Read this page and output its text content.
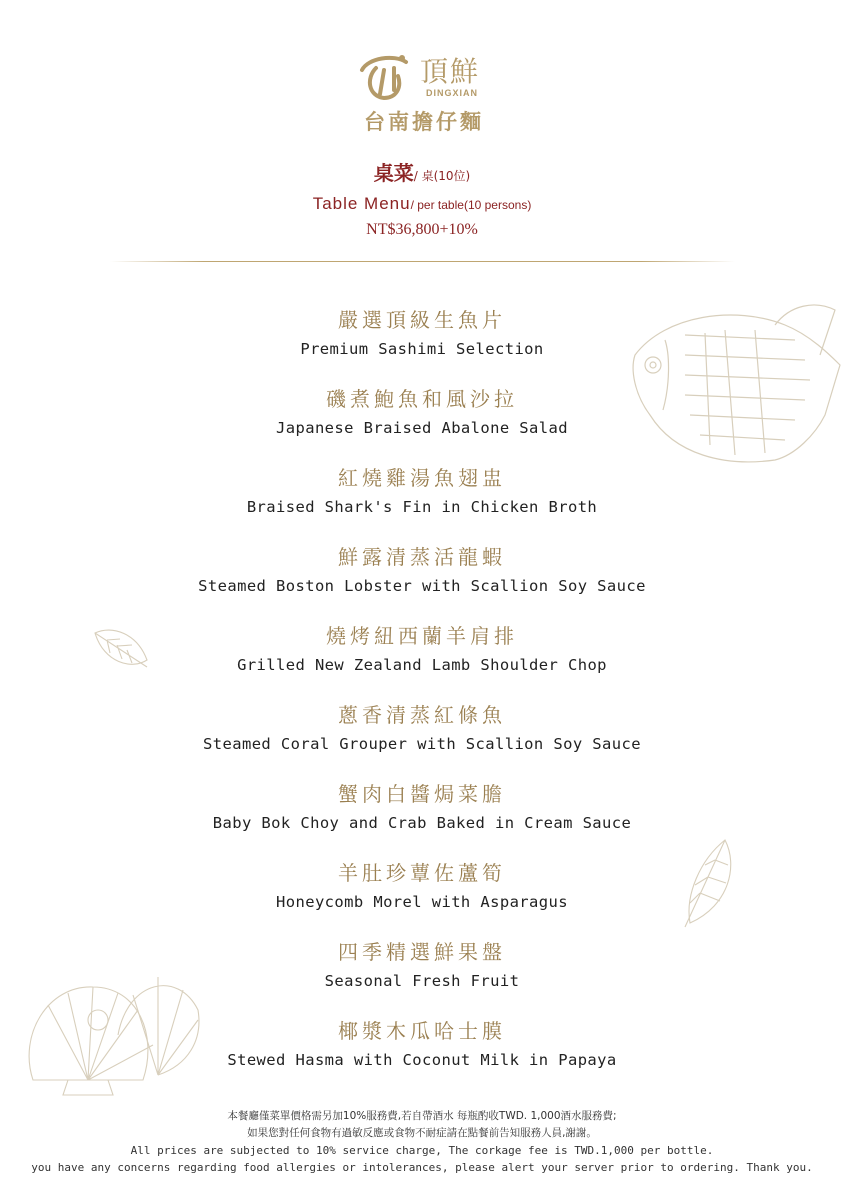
頂鮮
DINGXIAN
台南擔仔麵
桌菜/ 桌(10位)
Table Menu/ per table(10 persons)
NT$36,800+10%
嚴選頂級生魚片
Premium Sashimi Selection
磯煮鮑魚和風沙拉
Japanese Braised Abalone Salad
紅燒雞湯魚翅盅
Braised Shark's Fin in Chicken Broth
鮮露清蒸活龍蝦
Steamed Boston Lobster with Scallion Soy Sauce
燒烤紐西蘭羊肩排
Grilled New Zealand Lamb Shoulder Chop
蔥香清蒸紅條魚
Steamed Coral Grouper with Scallion Soy Sauce
蟹肉白醬焗菜膽
Baby Bok Choy and Crab Baked in Cream Sauce
羊肚珍蕈佐蘆筍
Honeycomb Morel with Asparagus
四季精選鮮果盤
Seasonal Fresh Fruit
椰漿木瓜哈士膜
Stewed Hasma with Coconut Milk in Papaya
本餐廳僅菜單價格需另加10%服務費,若自帶酒水 每瓶酌收TWD. 1,000酒水服務費;
如果您對任何食物有過敏反應或食物不耐症請在點餐前告知服務人員,謝謝。
All prices are subjected to 10% service charge, The corkage fee is TWD.1,000 per bottle.
you have any concerns regarding food allergies or intolerances, please alert your server prior to ordering. Thank you.
